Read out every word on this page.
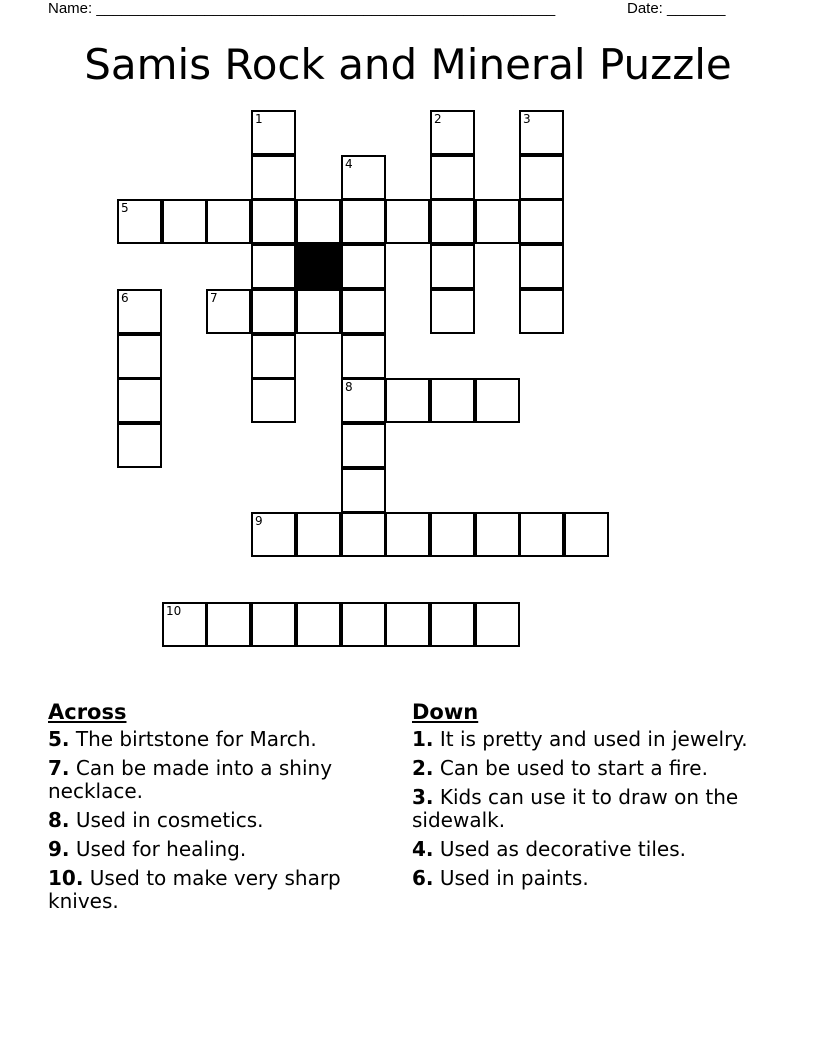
Name: _______________________________________________________	Date: _______
Samis Rock and Mineral Puzzle
1	2	3
4
5
6	7
8
9
10
Across
5. The birtstone for March.
7. Can be made into a shiny necklace.
8. Used in cosmetics.
9. Used for healing.
10. Used to make very sharp knives.
Down
1. It is pretty and used in jewelry.
2. Can be used to start a fire.
3. Kids can use it to draw on the sidewalk.
4. Used as decorative tiles.
6. Used in paints.
